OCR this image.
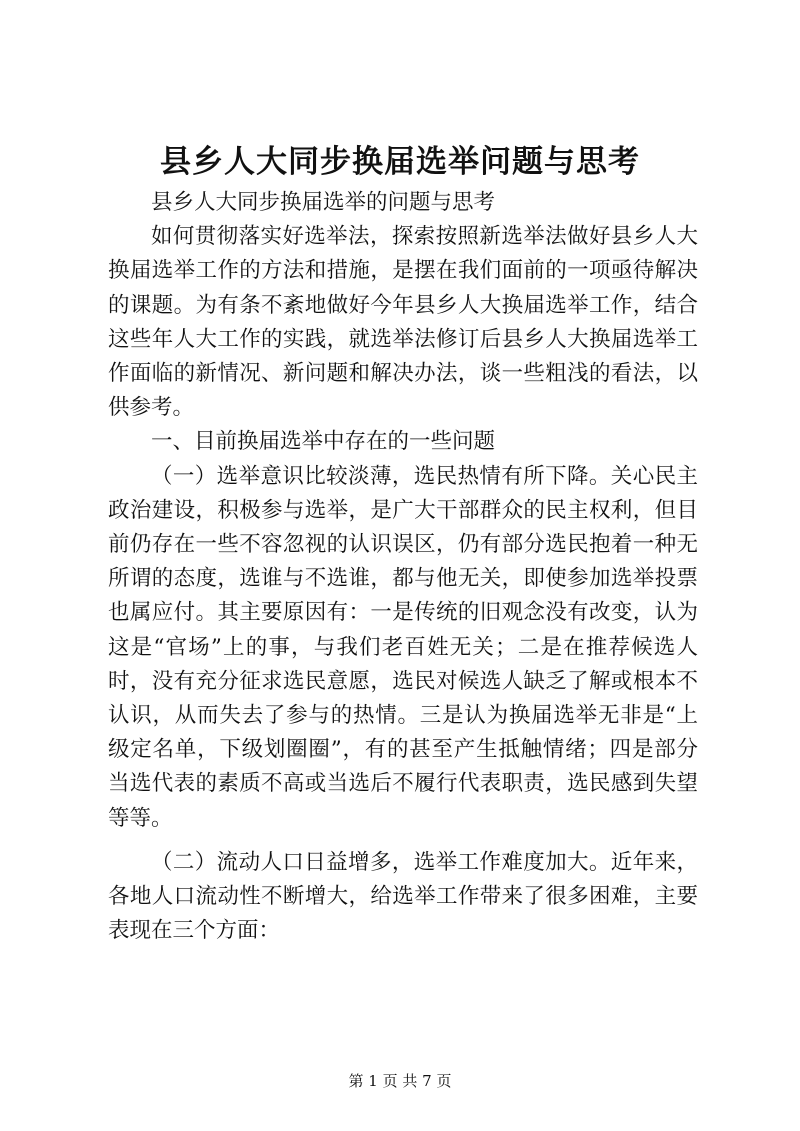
县乡人大同步换届选举问题与思考

县乡人大同步换届选举的问题与思考

如何贯彻落实好选举法，探索按照新选举法做好县乡人大换届选举工作的方法和措施，是摆在我们面前的一项亟待解决的课题。为有条不紊地做好今年县乡人大换届选举工作，结合这些年人大工作的实践，就选举法修订后县乡人大换届选举工作面临的新情况、新问题和解决办法，谈一些粗浅的看法，以供参考。

一、目前换届选举中存在的一些问题

（一）选举意识比较淡薄，选民热情有所下降。关心民主政治建设，积极参与选举，是广大干部群众的民主权利，但目前仍存在一些不容忽视的认识误区，仍有部分选民抱着一种无所谓的态度，选谁与不选谁，都与他无关，即使参加选举投票也属应付。其主要原因有：一是传统的旧观念没有改变，认为这是“官场”上的事，与我们老百姓无关；二是在推荐候选人时，没有充分征求选民意愿，选民对候选人缺乏了解或根本不认识，从而失去了参与的热情。三是认为换届选举无非是“上级定名单，下级划圈圈”，有的甚至产生抵触情绪；四是部分当选代表的素质不高或当选后不履行代表职责，选民感到失望等等。

（二）流动人口日益增多，选举工作难度加大。近年来，各地人口流动性不断增大，给选举工作带来了很多困难，主要表现在三个方面：

第 1 页 共 7 页
